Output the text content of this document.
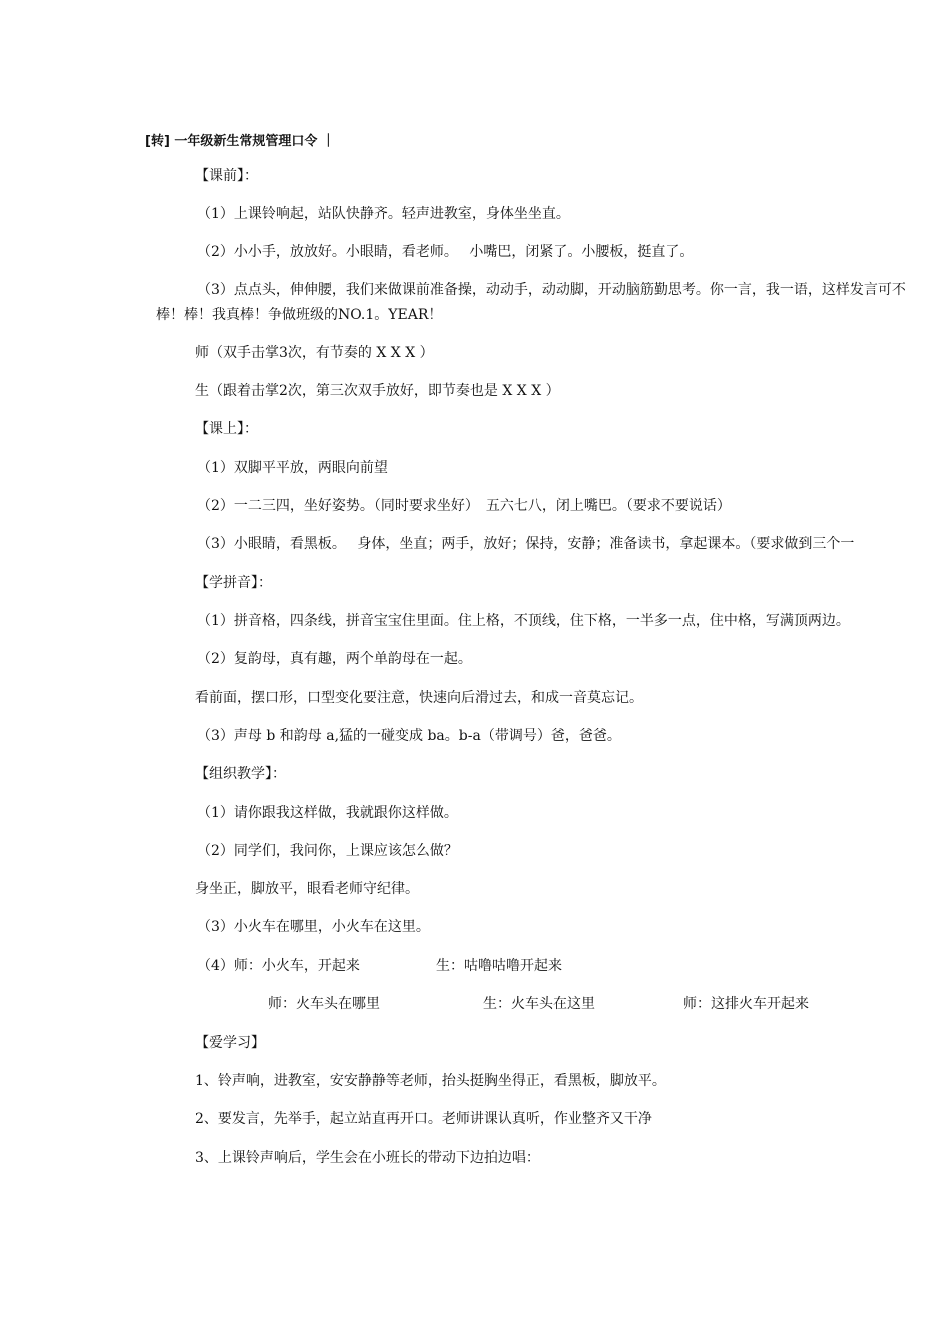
[转] 一年级新生常规管理口令 ｜
【课前】：
（1）上课铃响起，站队快静齐。轻声进教室，身体坐坐直。
（2）小小手，放放好。小眼睛，看老师。　 小嘴巴，闭紧了。小腰板，挺直了。
（3）点点头，伸伸腰，我们来做课前准备操，动动手，动动脚，开动脑筋勤思考。你一言，我一语，这样发言可不
棒！棒！我真棒！争做班级的NO.1。YEAR！
师（双手击掌3次，有节奏的 X X X ）
生（跟着击掌2次，第三次双手放好，即节奏也是 X X X ）
【课上】：
（1）双脚平平放，两眼向前望
（2）一二三四，坐好姿势。（同时要求坐好）　五六七八，闭上嘴巴。（要求不要说话）
（3）小眼睛，看黑板。　 身体，坐直；两手，放好；保持，安静；准备读书，拿起课本。（要求做到三个一
【学拼音】：
（1）拼音格，四条线，拼音宝宝住里面。住上格，不顶线，住下格，一半多一点，住中格，写满顶两边。
（2）复韵母，真有趣，两个单韵母在一起。
看前面，摆口形，口型变化要注意，快速向后滑过去，和成一音莫忘记。
（3）声母 b 和韵母 a,猛的一碰变成 ba。b-a（带调号）爸，爸爸。
【组织教学】：
（1）请你跟我这样做，我就跟你这样做。
（2）同学们，我问你，上课应该怎么做？
身坐正，脚放平，眼看老师守纪律。
（3）小火车在哪里，小火车在这里。
（4）师：小火车，开起来	生：咕噜咕噜开起来
师：火车头在哪里	生：火车头在这里	师：这排火车开起来
【爱学习】
1、铃声响，进教室，安安静静等老师，抬头挺胸坐得正，看黑板，脚放平。
2、要发言，先举手，起立站直再开口。老师讲课认真听，作业整齐又干净
3、上课铃声响后，学生会在小班长的带动下边拍边唱：
